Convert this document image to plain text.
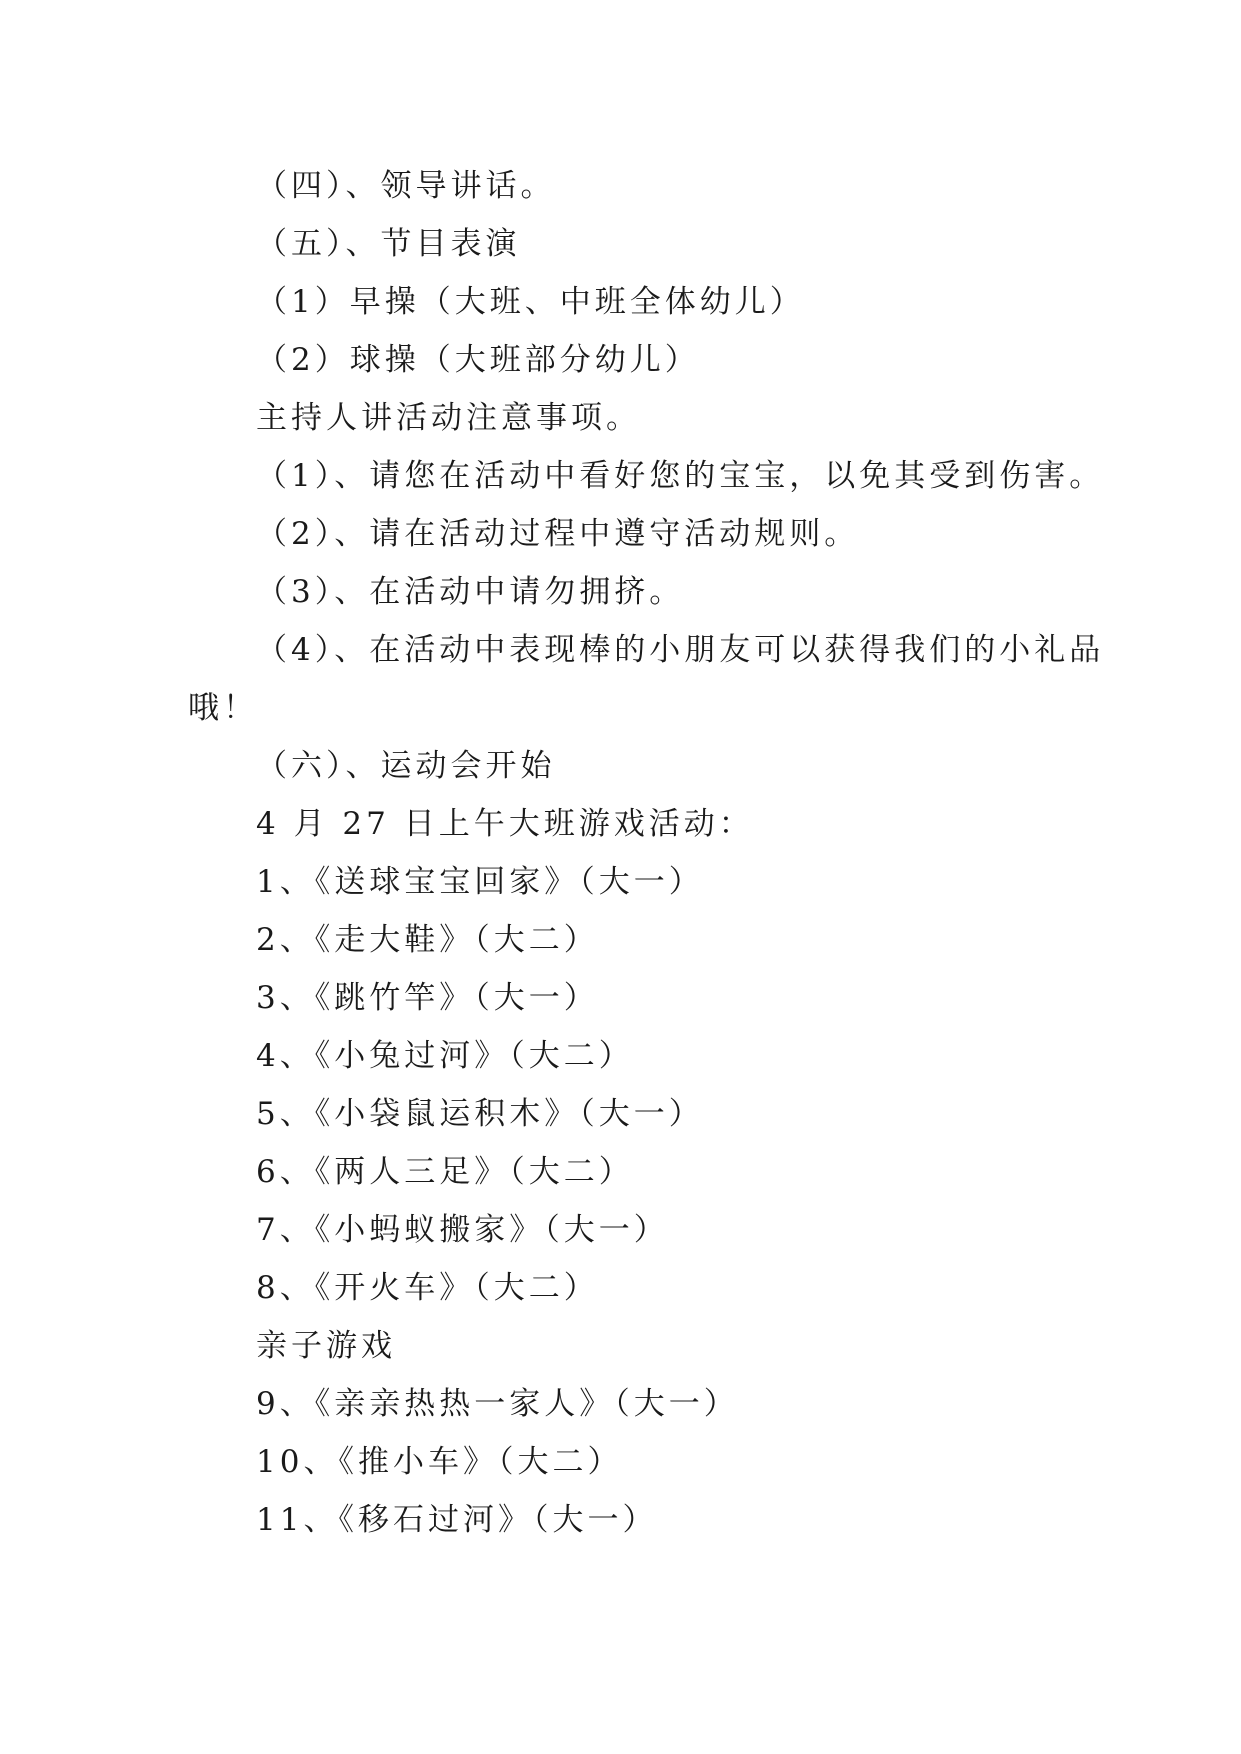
（四）、领导讲话。
（五）、节目表演
（1）早操（大班、中班全体幼儿）
（2）球操（大班部分幼儿）
主持人讲活动注意事项。
（1）、请您在活动中看好您的宝宝，以免其受到伤害。
（2）、请在活动过程中遵守活动规则。
（3）、在活动中请勿拥挤。
（4）、在活动中表现棒的小朋友可以获得我们的小礼品
哦！
（六）、运动会开始
4 月 27 日上午大班游戏活动：
1、《送球宝宝回家》（大一）
2、《走大鞋》（大二）
3、《跳竹竿》（大一）
4、《小兔过河》（大二）
5、《小袋鼠运积木》（大一）
6、《两人三足》（大二）
7、《小蚂蚁搬家》（大一）
8、《开火车》（大二）
亲子游戏
9、《亲亲热热一家人》（大一）
10、《推小车》（大二）
11、《移石过河》（大一）
